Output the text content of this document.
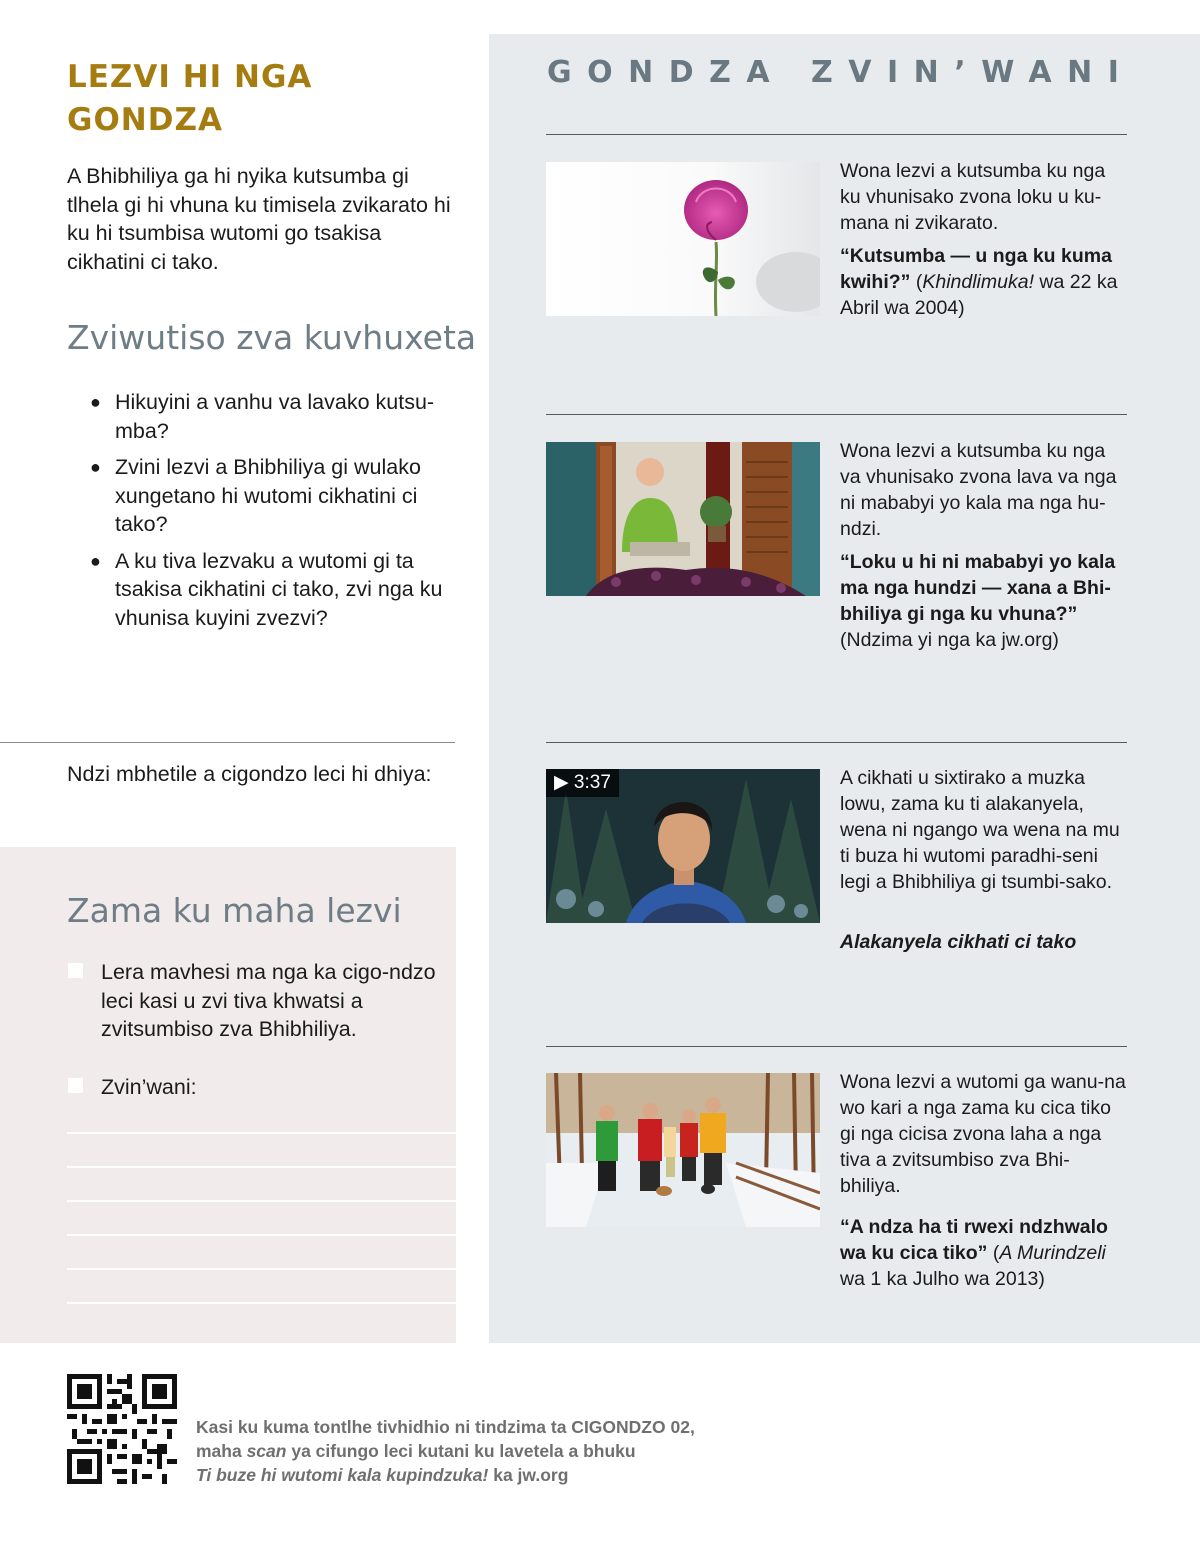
LEZVI HI NGA GONDZA

A Bhibhiliya ga hi nyika kutsumba gi tlhela gi hi vhuna ku timisela zvikarato hi ku hi tsumbisa wutomi go tsakisa cikhatini ci tako.

Zviwutiso zva kuvhuxeta
● Hikuyini a vanhu va lavako kutsu-mba?
● Zvini lezvi a Bhibhiliya gi wulako xungetano hi wutomi cikhatini ci tako?
● A ku tiva lezvaku a wutomi gi ta tsakisa cikhatini ci tako, zvi nga ku vhunisa kuyini zvezvi?

Ndzi mbhetile a cigondzo leci hi dhiya:

Zama ku maha lezvi

Lera mavhesi ma nga ka cigo-ndzo leci kasi u zvi tiva khwatsi a zvitsumbiso zva Bhibhiliya.

Zvin’wani:

GONDZA ZVIN’WANI

Wona lezvi a kutsumba ku nga ku vhunisako zvona loku u ku-mana ni zvikarato.

“Kutsumba — u nga ku kuma kwihi?” (Khindlimuka! wa 22 ka Abril wa 2004)

Wona lezvi a kutsumba ku nga va vhunisako zvona lava va nga ni mababyi yo kala ma nga hu-ndzi.

“Loku u hi ni mababyi yo kala ma nga hundzi — xana a Bhi-bhiliya gi nga ku vhuna?”
(Ndzima yi nga ka jw.org)

▶ 3:37	A cikhati u sixtirako a muzka lowu, zama ku ti alakanyela, wena ni ngango wa wena na mu ti buza hi wutomi paradhi-seni legi a Bhibhiliya gi tsumbi-sako.

Alakanyela cikhati ci tako

Wona lezvi a wutomi ga wanu-na wo kari a nga zama ku cica tiko gi nga cicisa zvona laha a nga tiva a zvitsumbiso zva Bhi-bhiliya.

“A ndza ha ti rwexi ndzhwalo wa ku cica tiko” (A Murindzeli wa 1 ka Julho wa 2013)

Kasi ku kuma tontlhe tivhidhio ni tindzima ta CIGONDZO 02,
maha scan ya cifungo leci kutani ku lavetela a bhuku
Ti buze hi wutomi kala kupindzuka! ka jw.org
